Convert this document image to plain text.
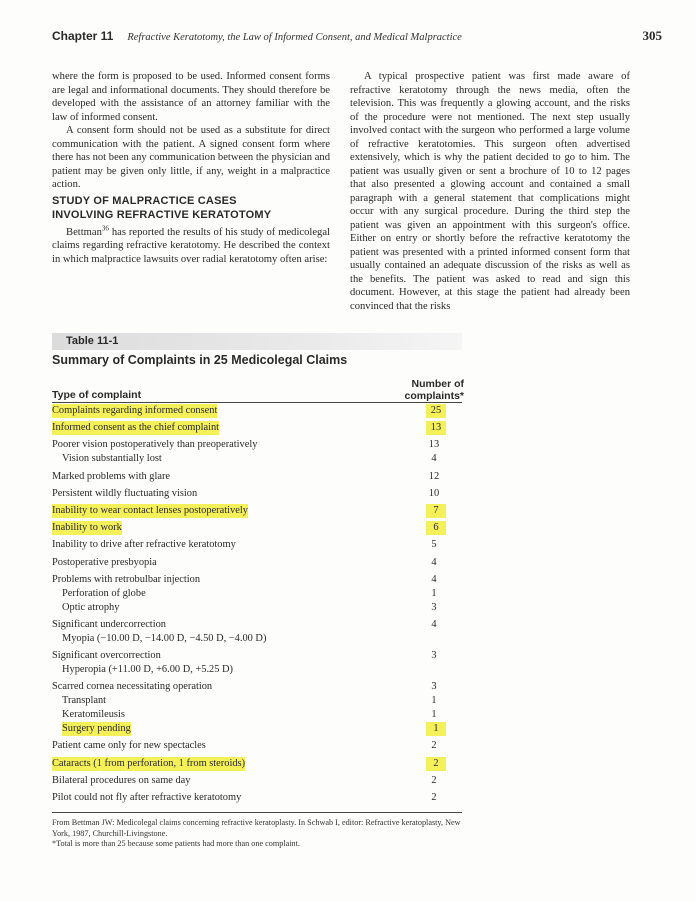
Chapter 11 Refractive Keratotomy, the Law of Informed Consent, and Medical Malpractice	305

where the form is proposed to be used. Informed consent forms are legal and informational documents. They should therefore be developed with the assistance of an attorney familiar with the law of informed consent.

A consent form should not be used as a substitute for direct communication with the patient. A signed consent form where there has not been any communication between the physician and patient may be given only little, if any, weight in a malpractice action.

STUDY OF MALPRACTICE CASES
INVOLVING REFRACTIVE KERATOTOMY

Bettman$^{36}$ has reported the results of his study of medicolegal claims regarding refractive keratotomy. He described the context in which malpractice lawsuits over radial keratotomy often arise:

A typical prospective patient was first made aware of refractive keratotomy through the news media, often the television. This was frequently a glowing account, and the risks of the procedure were not mentioned. The next step usually involved contact with the surgeon who performed a large volume of refractive keratotomies. This surgeon often advertised extensively, which is why the patient decided to go to him. The patient was usually given or sent a brochure of 10 to 12 pages that also presented a glowing account and contained a small paragraph with a general statement that complications might occur with any surgical procedure. During the third step the patient was given an appointment with this surgeon's office. Either on entry or shortly before the refractive keratotomy the patient was presented with a printed informed consent form that usually contained an adequate discussion of the risks as well as the benefits. The patient was asked to read and sign this document. However, at this stage the patient had already been convinced that the risks

Table 11-1
Summary of Complaints in 25 Medicolegal Claims
Type of complaint
Number of
complaints*
Complaints regarding informed consent	25
Informed consent as the chief complaint	13
Poorer vision postoperatively than preoperatively	13
Vision substantially lost	4
Marked problems with glare	12
Persistent wildly fluctuating vision	10
Inability to wear contact lenses postoperatively	7
Inability to work	6
Inability to drive after refractive keratotomy	5
Postoperative presbyopia	4
Problems with retrobulbar injection	4
Perforation of globe	1
Optic atrophy	3
Significant undercorrection	4
Myopia (−10.00 D, −14.00 D, −4.50 D, −4.00 D)
Significant overcorrection	3
Hyperopia (+11.00 D, +6.00 D, +5.25 D)
Scarred cornea necessitating operation	3
Transplant	1
Keratomileusis	1
Surgery pending	1
Patient came only for new spectacles	2
Cataracts (1 from perforation, 1 from steroids)	2
Bilateral procedures on same day	2
Pilot could not fly after refractive keratotomy	2
From Bettman JW: Medicolegal claims concerning refractive keratoplasty. In Schwab I, editor: Refractive keratoplasty, New York, 1987, Churchill-Livingstone.
*Total is more than 25 because some patients had more than one complaint.
